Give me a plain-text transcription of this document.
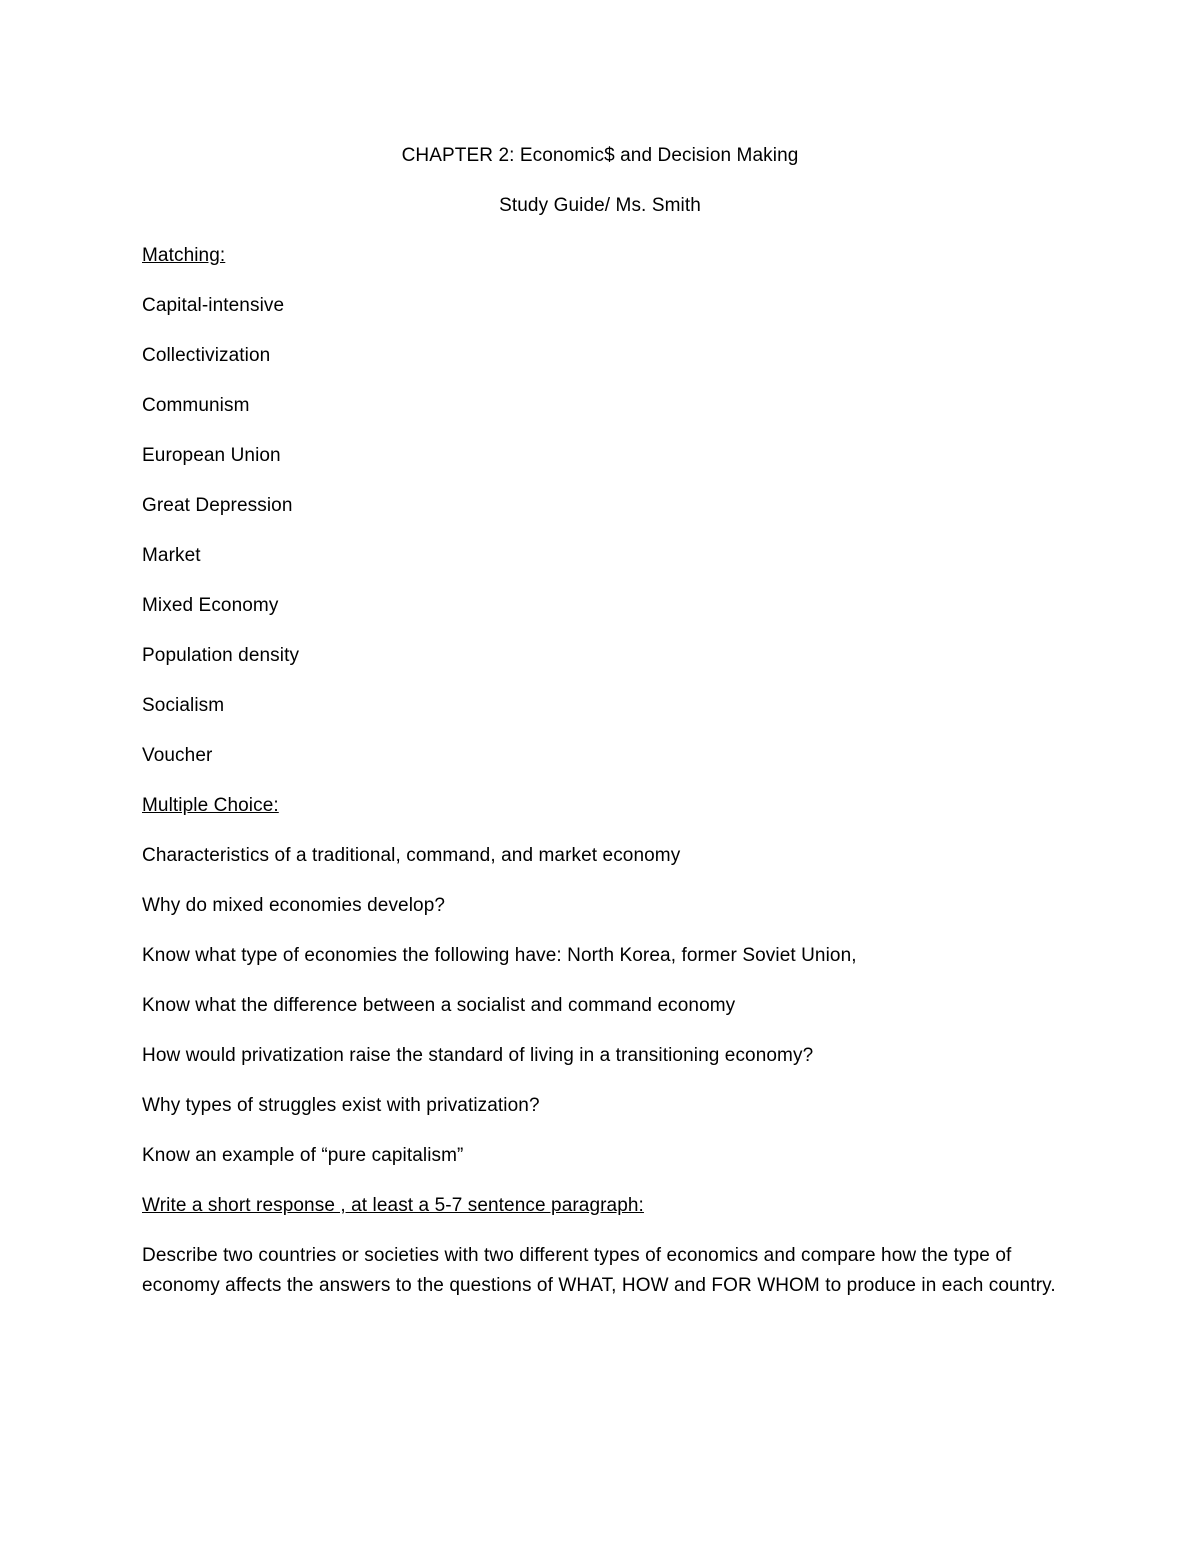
CHAPTER 2: Economic$ and Decision Making
Study Guide/ Ms. Smith
Matching:
Capital-intensive
Collectivization
Communism
European Union
Great Depression
Market
Mixed Economy
Population density
Socialism
Voucher
Multiple Choice:
Characteristics of a traditional, command, and market economy
Why do mixed economies develop?
Know what type of economies the following have: North Korea, former Soviet Union,
Know what the difference between a socialist and command economy
How would privatization raise the standard of living in a transitioning economy?
Why types of struggles exist with privatization?
Know an example of “pure capitalism”
Write a short response , at least a 5-7 sentence paragraph:
Describe two countries or societies with two different types of economics and compare how the type of economy affects the answers to the questions of WHAT, HOW and FOR WHOM to produce in each country.
